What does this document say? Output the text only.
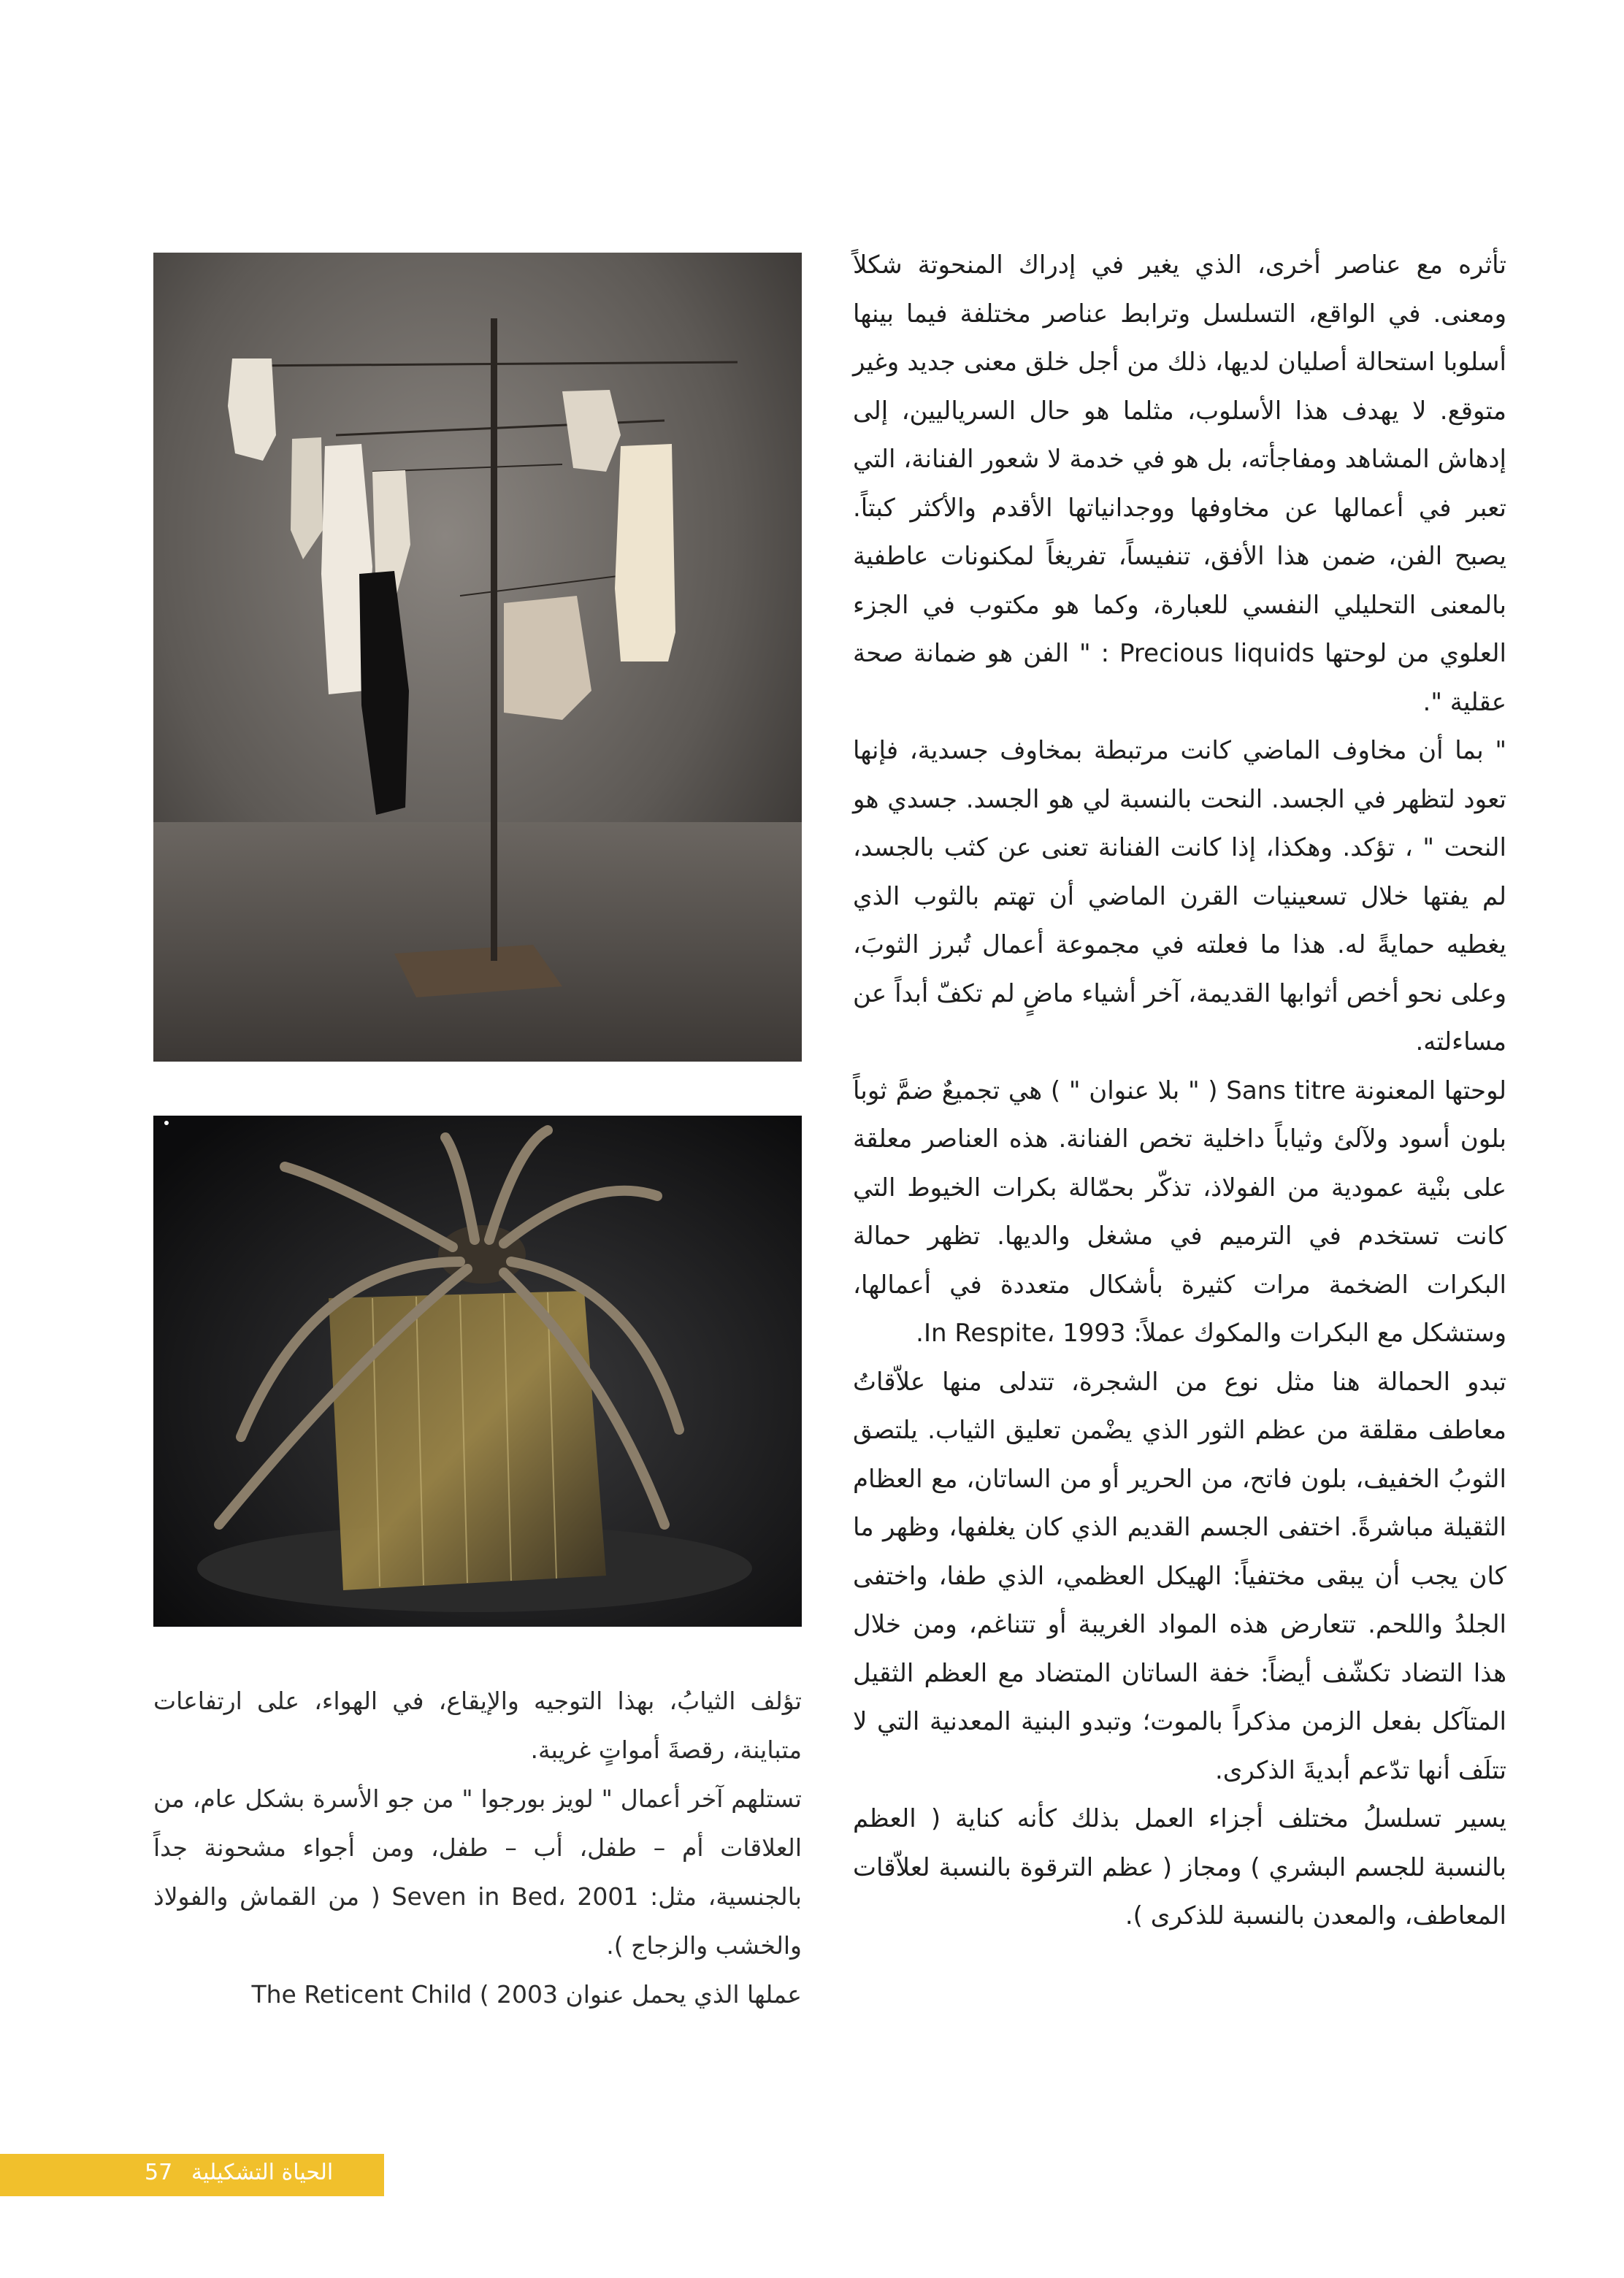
تأثره مع عناصر أخرى، الذي يغير في إدراك المنحوتة شكلاً ومعنى. في الواقع، التسلسل وترابط عناصر مختلفة فيما بينها أسلوبا استحالة أصليان لديها، ذلك من أجل خلق معنى جديد وغير متوقع. لا يهدف هذا الأسلوب، مثلما هو حال السرياليين، إلى إدهاش المشاهد ومفاجأته، بل هو في خدمة لا شعور الفنانة، التي تعبر في أعمالها عن مخاوفها ووجدانياتها الأقدم والأكثر كبتاً. يصبح الفن، ضمن هذا الأفق، تنفيساً، تفريغاً لمكنونات عاطفية بالمعنى التحليلي النفسي للعبارة، وكما هو مكتوب في الجزء العلوي من لوحتها Precious liquids : " الفن هو ضمانة صحة عقلية ".

" بما أن مخاوف الماضي كانت مرتبطة بمخاوف جسدية، فإنها تعود لتظهر في الجسد. النحت بالنسبة لي هو الجسد. جسدي هو النحت " ، تؤكد. وهكذا، إذا كانت الفنانة تعنى عن كثب بالجسد، لم يفتها خلال تسعينيات القرن الماضي أن تهتم بالثوب الذي يغطيه حمايةً له. هذا ما فعلته في مجموعة أعمال تُبرز الثوبَ، وعلى نحو أخص أثوابها القديمة، آخر أشياء ماضٍ لم تكفّ أبداً عن مساءلته.

لوحتها المعنونة Sans titre ( " بلا عنوان " ) هي تجميعٌ ضمَّ ثوباً بلون أسود ولآلئ وثياباً داخلية تخص الفنانة. هذه العناصر معلقة على بنْية عمودية من الفولاذ، تذكّر بحمّالة بكرات الخيوط التي كانت تستخدم في الترميم في مشغل والديها. تظهر حمالة البكرات الضخمة مرات كثيرة بأشكال متعددة في أعمالها، وستشكل مع البكرات والمكوك عملاً: In Respite، 1993.

تبدو الحمالة هنا مثل نوع من الشجرة، تتدلى منها علاّقاتُ معاطف مقلقة من عظم الثور الذي يضْمن تعليق الثياب. يلتصق الثوبُ الخفيف، بلون فاتح، من الحرير أو من الساتان، مع العظام الثقيلة مباشرةً. اختفى الجسم القديم الذي كان يغلفها، وظهر ما كان يجب أن يبقى مختفياً: الهيكل العظمي، الذي طفا، واختفى الجلدُ واللحم. تتعارض هذه المواد الغريبة أو تتناغم، ومن خلال هذا التضاد تكشّف أيضاً: خفة الساتان المتضاد مع العظم الثقيل المتآكل بفعل الزمن مذكراً بالموت؛ وتبدو البنية المعدنية التي لا تتلَف أنها تدّعم أبديةَ الذكرى.

يسير تسلسلُ مختلف أجزاء العمل بذلك كأنه كناية ( العظم بالنسبة للجسم البشري ) ومجاز ( عظم الترقوة بالنسبة لعلاّقات المعاطف، والمعدن بالنسبة للذكرى ).

تؤلف الثيابُ، بهذا التوجيه والإيقاع، في الهواء، على ارتفاعات متباينة، رقصةَ أمواتٍ غريبة.

تستلهم آخر أعمال " لويز بورجوا " من جو الأسرة بشكل عام، من العلاقات أم – طفل، أب – طفل، ومن أجواء مشحونة جداً بالجنسية، مثل: Seven in Bed، 2001 ( من القماش والفولاذ والخشب والزجاج ).

عملها الذي يحمل عنوان The Reticent Child ( 2003

57 الحياة التشكيلية
